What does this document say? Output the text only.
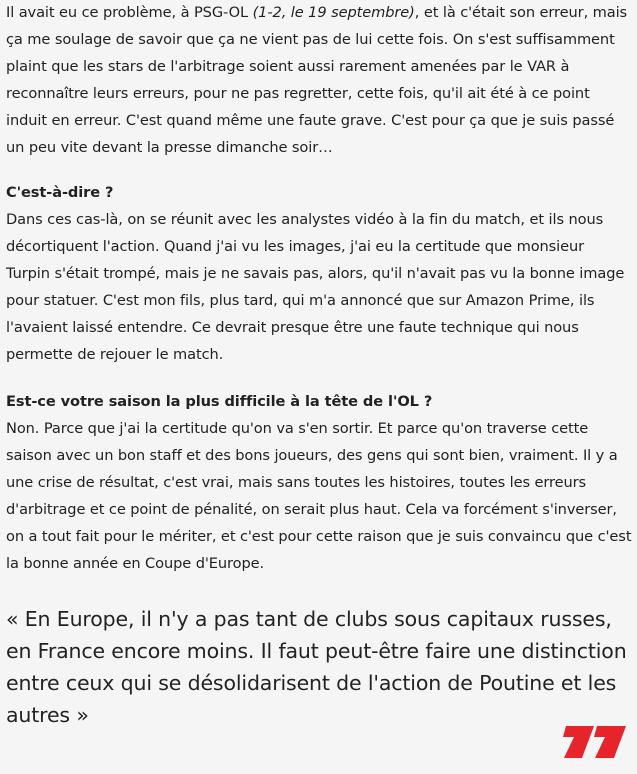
Il avait eu ce problème, à PSG-OL (1-2, le 19 septembre), et là c'était son erreur, mais ça me soulage de savoir que ça ne vient pas de lui cette fois. On s'est suffisamment plaint que les stars de l'arbitrage soient aussi rarement amenées par le VAR à reconnaître leurs erreurs, pour ne pas regretter, cette fois, qu'il ait été à ce point induit en erreur. C'est quand même une faute grave. C'est pour ça que je suis passé un peu vite devant la presse dimanche soir…

C'est-à-dire ?

Dans ces cas-là, on se réunit avec les analystes vidéo à la fin du match, et ils nous décortiquent l'action. Quand j'ai vu les images, j'ai eu la certitude que monsieur Turpin s'était trompé, mais je ne savais pas, alors, qu'il n'avait pas vu la bonne image pour statuer. C'est mon fils, plus tard, qui m'a annoncé que sur Amazon Prime, ils l'avaient laissé entendre. Ce devrait presque être une faute technique qui nous permette de rejouer le match.

Est-ce votre saison la plus difficile à la tête de l'OL ?

Non. Parce que j'ai la certitude qu'on va s'en sortir. Et parce qu'on traverse cette saison avec un bon staff et des bons joueurs, des gens qui sont bien, vraiment. Il y a une crise de résultat, c'est vrai, mais sans toutes les histoires, toutes les erreurs d'arbitrage et ce point de pénalité, on serait plus haut. Cela va forcément s'inverser, on a tout fait pour le mériter, et c'est pour cette raison que je suis convaincu que c'est la bonne année en Coupe d'Europe.

« En Europe, il n'y a pas tant de clubs sous capitaux russes, en France encore moins. Il faut peut-être faire une distinction entre ceux qui se désolidarisent de l'action de Poutine et les autres »
